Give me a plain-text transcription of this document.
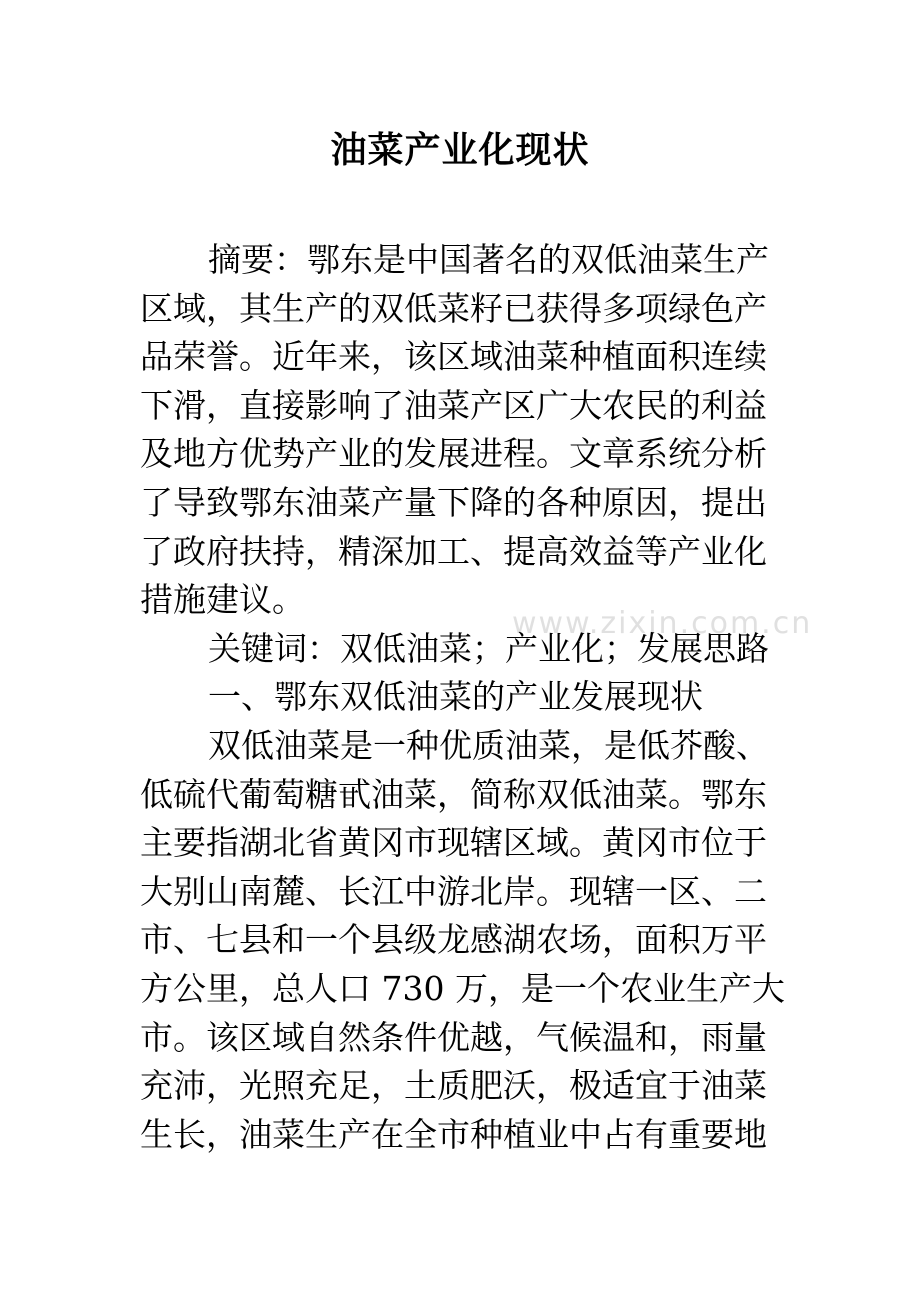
油菜产业化现状
www.zixin.com.cn
摘要：鄂东是中国著名的双低油菜生产
区域，其生产的双低菜籽已获得多项绿色产
品荣誉。近年来，该区域油菜种植面积连续
下滑，直接影响了油菜产区广大农民的利益
及地方优势产业的发展进程。文章系统分析
了导致鄂东油菜产量下降的各种原因，提出
了政府扶持，精深加工、提高效益等产业化
措施建议。
关键词：双低油菜；产业化；发展思路
一、鄂东双低油菜的产业发展现状
双低油菜是一种优质油菜，是低芥酸、
低硫代葡萄糖甙油菜，简称双低油菜。鄂东
主要指湖北省黄冈市现辖区域。黄冈市位于
大别山南麓、长江中游北岸。现辖一区、二
市、七县和一个县级龙感湖农场，面积万平
方公里，总人口 730 万，是一个农业生产大
市。该区域自然条件优越，气候温和，雨量
充沛，光照充足，土质肥沃，极适宜于油菜
生长，油菜生产在全市种植业中占有重要地
